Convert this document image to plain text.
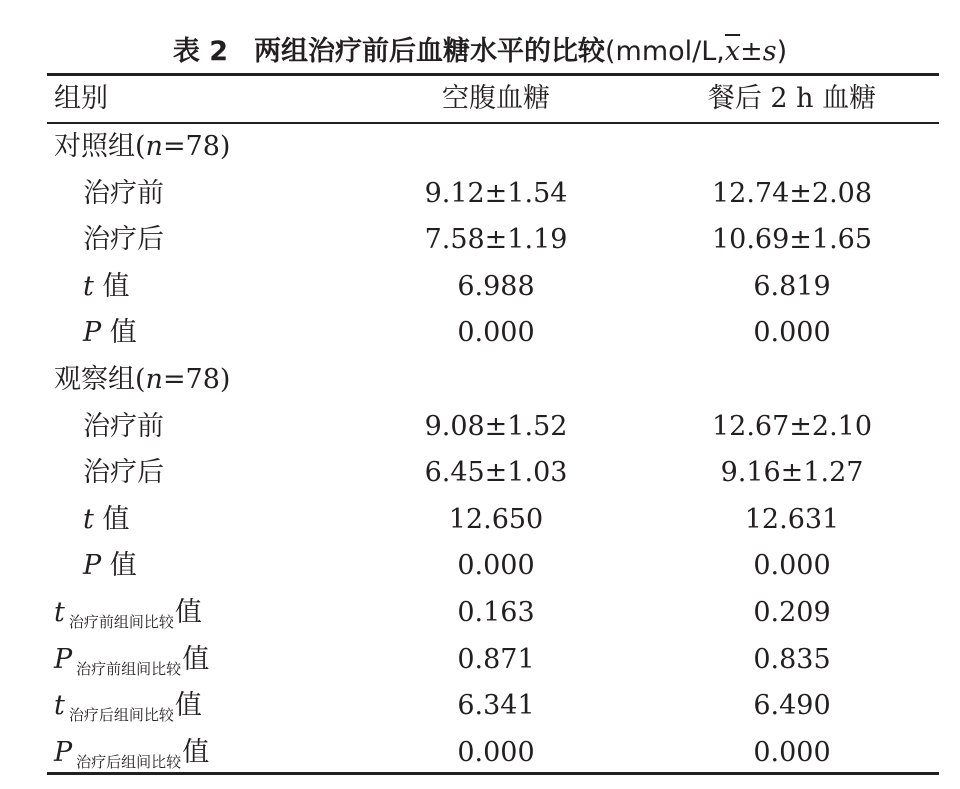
表 2 两组治疗前后血糖水平的比较$(mmol/L,\overline{x}\pm s)$
组别	空腹血糖	餐后 2 h 血糖
对照组(n=78)
治疗前	9.12±1.54	12.74±2.08
治疗后	7.58±1.19	10.69±1.65
t 值	6.988	6.819
P 值	0.000	0.000
观察组(n=78)
治疗前	9.08±1.52	12.67±2.10
治疗后	6.45±1.03	9.16±1.27
t 值	12.650	12.631
P 值	0.000	0.000
t $_{治疗前组间比较}$值	0.163	0.209
P $_{治疗前组间比较}$值	0.871	0.835
t $_{治疗后组间比较}$值	6.341	6.490
P $_{治疗后组间比较}$值	0.000	0.000
